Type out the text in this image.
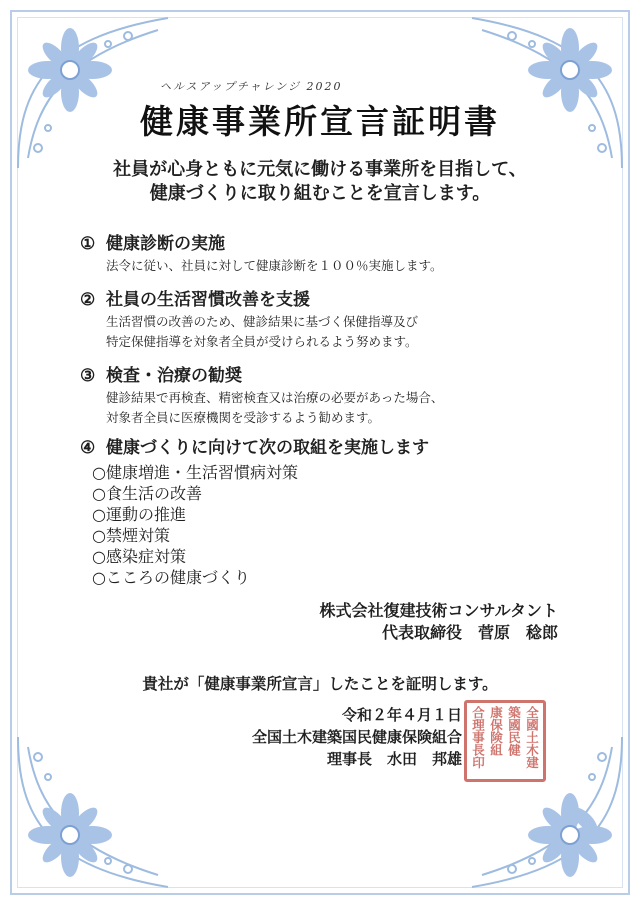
ヘルスアップチャレンジ 2020
健康事業所宣言証明書
社員が心身ともに元気に働ける事業所を目指して、
健康づくりに取り組むことを宣言します。
① 健康診断の実施
法令に従い、社員に対して健康診断を１００％実施します。
② 社員の生活習慣改善を支援
生活習慣の改善のため、健診結果に基づく保健指導及び
特定保健指導を対象者全員が受けられるよう努めます。
③ 検査・治療の勧奨
健診結果で再検査、精密検査又は治療の必要があった場合、
対象者全員に医療機関を受診するよう勧めます。
④ 健康づくりに向けて次の取組を実施します
○健康増進・生活習慣病対策
○食生活の改善
○運動の推進
○禁煙対策
○感染症対策
○こころの健康づくり
株式会社復建技術コンサルタント
代表取締役　菅原　稔郎
貴社が「健康事業所宣言」したことを証明します。
令和２年４月１日
全国土木建築国民健康保険組合
理事長　水田　邦雄	全國土木建
築國民健
康保険組
合理事長印
